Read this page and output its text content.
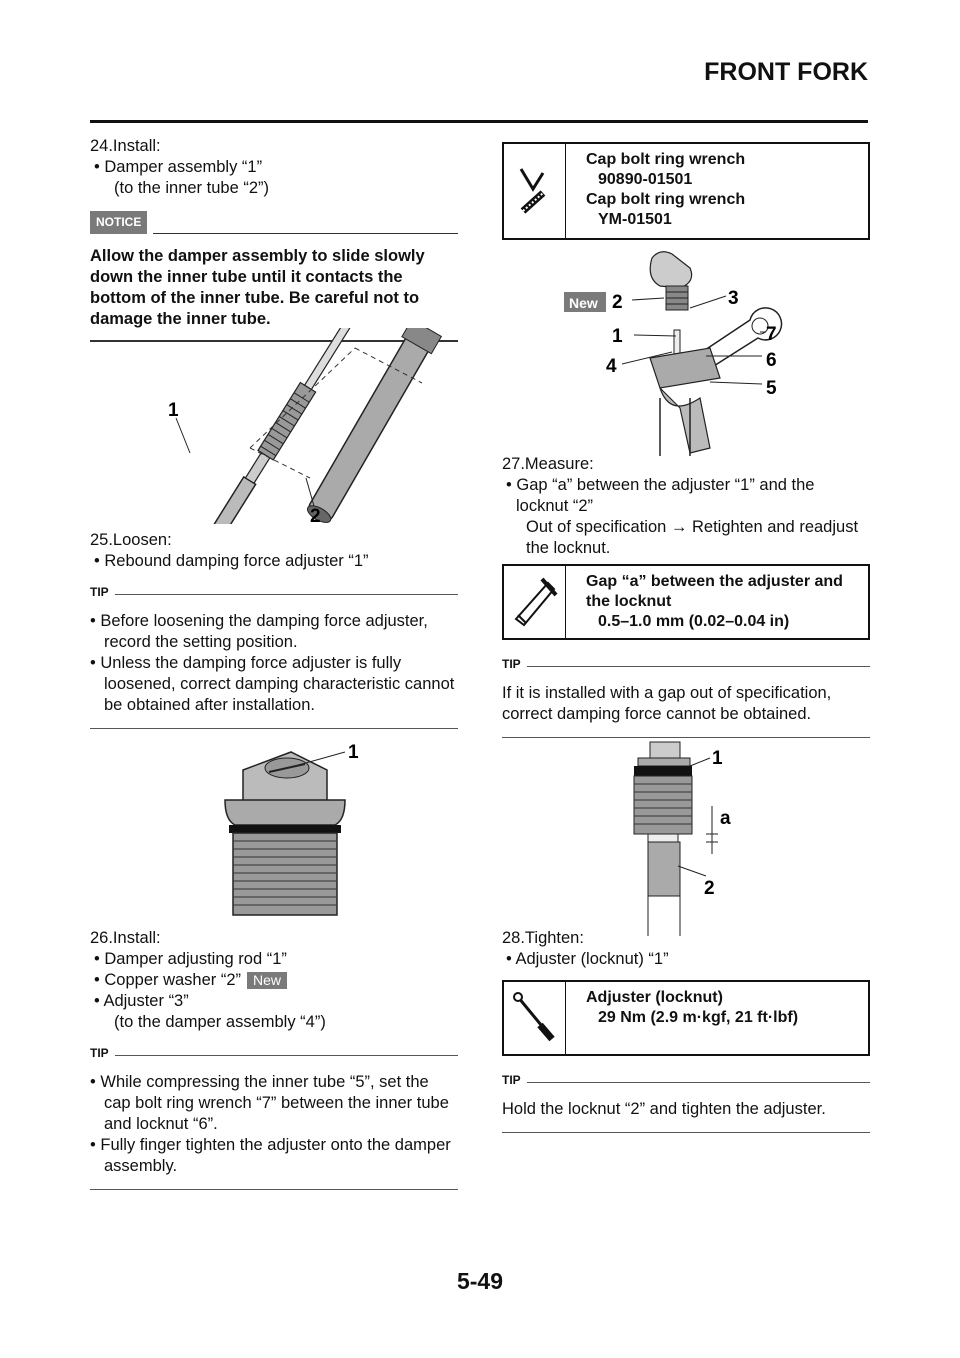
FRONT FORK
24.Install:
• Damper assembly “1”
(to the inner tube “2”)
NOTICE
Allow the damper assembly to slide slowly down the inner tube until it contacts the bottom of the inner tube. Be careful not to damage the inner tube.
1
2
25.Loosen:
• Rebound damping force adjuster “1”
TIP
• Before loosening the damping force adjuster, record the setting position.
• Unless the damping force adjuster is fully loosened, correct damping characteristic cannot be obtained after installation.
1
26.Install:
• Damper adjusting rod “1”
• Copper washer “2” New
• Adjuster “3”
(to the damper assembly “4”)
TIP
• While compressing the inner tube “5”, set the cap bolt ring wrench “7” between the inner tube and locknut “6”.
• Fully finger tighten the adjuster onto the damper assembly.
Cap bolt ring wrench
90890-01501
Cap bolt ring wrench
YM-01501
New 2	3
1	7
4	6
5
27.Measure:
• Gap “a” between the adjuster “1” and the locknut “2”
Out of specification → Retighten and readjust the locknut.
Gap “a” between the adjuster and
the locknut
0.5–1.0 mm (0.02–0.04 in)
TIP
If it is installed with a gap out of specification, correct damping force cannot be obtained.
1
a
2
28.Tighten:
• Adjuster (locknut) “1”
Adjuster (locknut)
29 Nm (2.9 m·kgf, 21 ft·lbf)
TIP
Hold the locknut “2” and tighten the adjuster.
5-49
